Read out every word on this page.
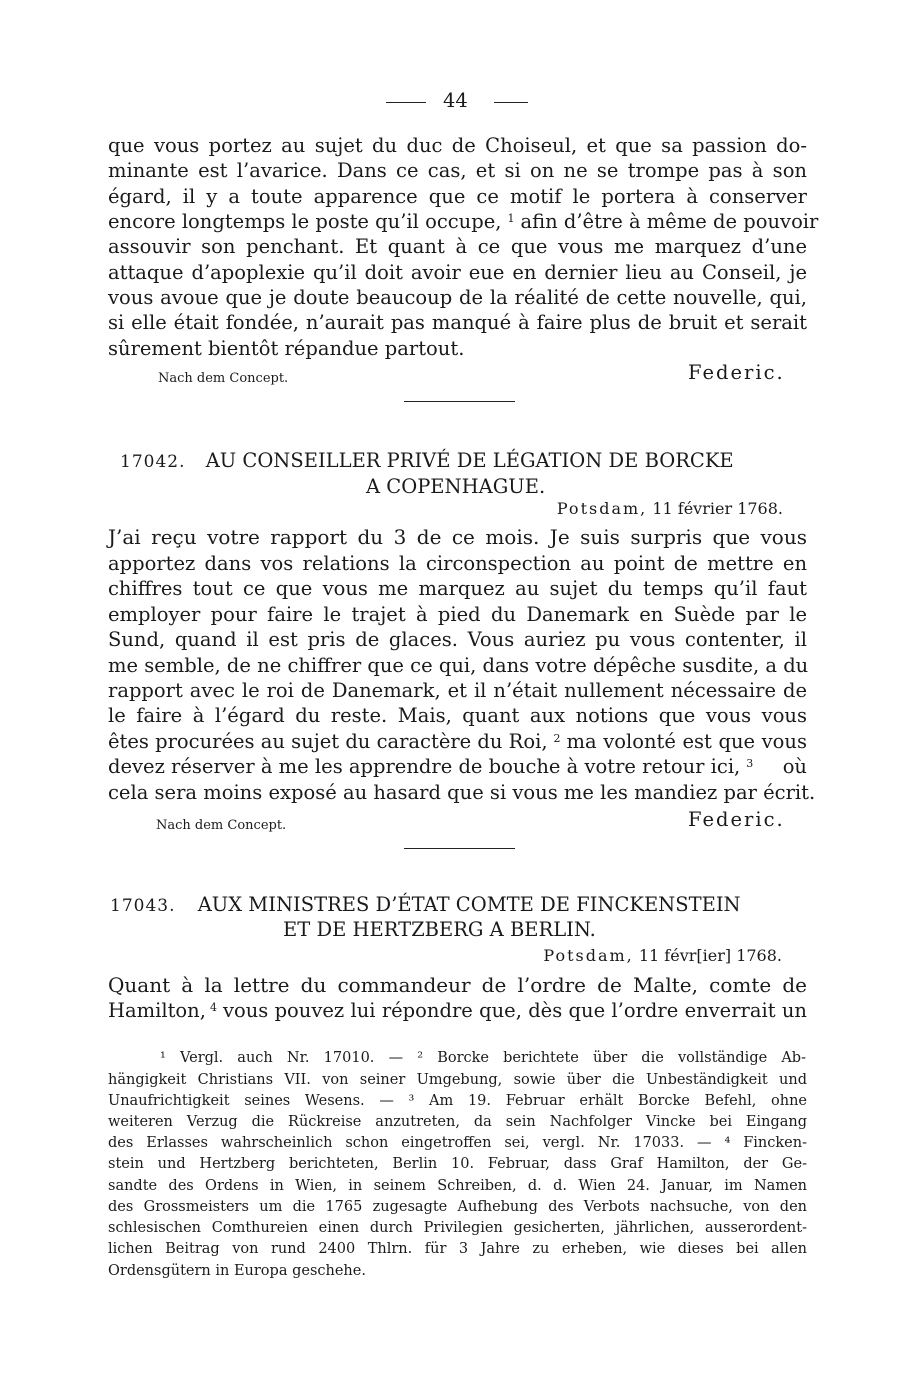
44

que vous portez au sujet du duc de Choiseul, et que sa passion do-

minante est l’avarice. Dans ce cas, et si on ne se trompe pas à son

égard, il y a toute apparence que ce motif le portera à conserver

encore longtemps le poste qu’il occupe, $^1$ afin d’être à même de pouvoir

assouvir son penchant. Et quant à ce que vous me marquez d’une

attaque d’apoplexie qu’il doit avoir eue en dernier lieu au Conseil, je

vous avoue que je doute beaucoup de la réalité de cette nouvelle, qui,

si elle était fondée, n’aurait pas manqué à faire plus de bruit et serait

sûrement bientôt répandue partout.

Nach dem Concept.	Federic.
17042. AU CONSEILLER PRIVÉ DE LÉGATION DE BORCKE
A COPENHAGUE.
Potsdam, 11 février 1768.

J’ai reçu votre rapport du 3 de ce mois. Je suis surpris que vous

apportez dans vos relations la circonspection au point de mettre en

chiffres tout ce que vous me marquez au sujet du temps qu’il faut

employer pour faire le trajet à pied du Danemark en Suède par le

Sund, quand il est pris de glaces. Vous auriez pu vous contenter, il

me semble, de ne chiffrer que ce qui, dans votre dépêche susdite, a du

rapport avec le roi de Danemark, et il n’était nullement nécessaire de

le faire à l’égard du reste. Mais, quant aux notions que vous vous

êtes procurées au sujet du caractère du Roi, $^2$ ma volonté est que vous

devez réserver à me les apprendre de bouche à votre retour ici, $^3$ où

cela sera moins exposé au hasard que si vous me les mandiez par écrit.

Nach dem Concept.	Federic.
17043. AUX MINISTRES D’ÉTAT COMTE DE FINCKENSTEIN
ET DE HERTZBERG A BERLIN.
Potsdam, 11 févr[ier] 1768.

Quant à la lettre du commandeur de l’ordre de Malte, comte de

Hamilton, $^4$ vous pouvez lui répondre que, dès que l’ordre enverrait un

¹ Vergl. auch Nr. 17010. — ² Borcke berichtete über die vollständige Ab-

hängigkeit Christians VII. von seiner Umgebung, sowie über die Unbeständigkeit und

Unaufrichtigkeit seines Wesens. — ³ Am 19. Februar erhält Borcke Befehl, ohne

weiteren Verzug die Rückreise anzutreten, da sein Nachfolger Vincke bei Eingang

des Erlasses wahrscheinlich schon eingetroffen sei, vergl. Nr. 17033. — ⁴ Fincken-

stein und Hertzberg berichteten, Berlin 10. Februar, dass Graf Hamilton, der Ge-

sandte des Ordens in Wien, in seinem Schreiben, d. d. Wien 24. Januar, im Namen

des Grossmeisters um die 1765 zugesagte Aufhebung des Verbots nachsuche, von den

schlesischen Comthureien einen durch Privilegien gesicherten, jährlichen, ausserordent-

lichen Beitrag von rund 2400 Thlrn. für 3 Jahre zu erheben, wie dieses bei allen

Ordensgütern in Europa geschehe.
